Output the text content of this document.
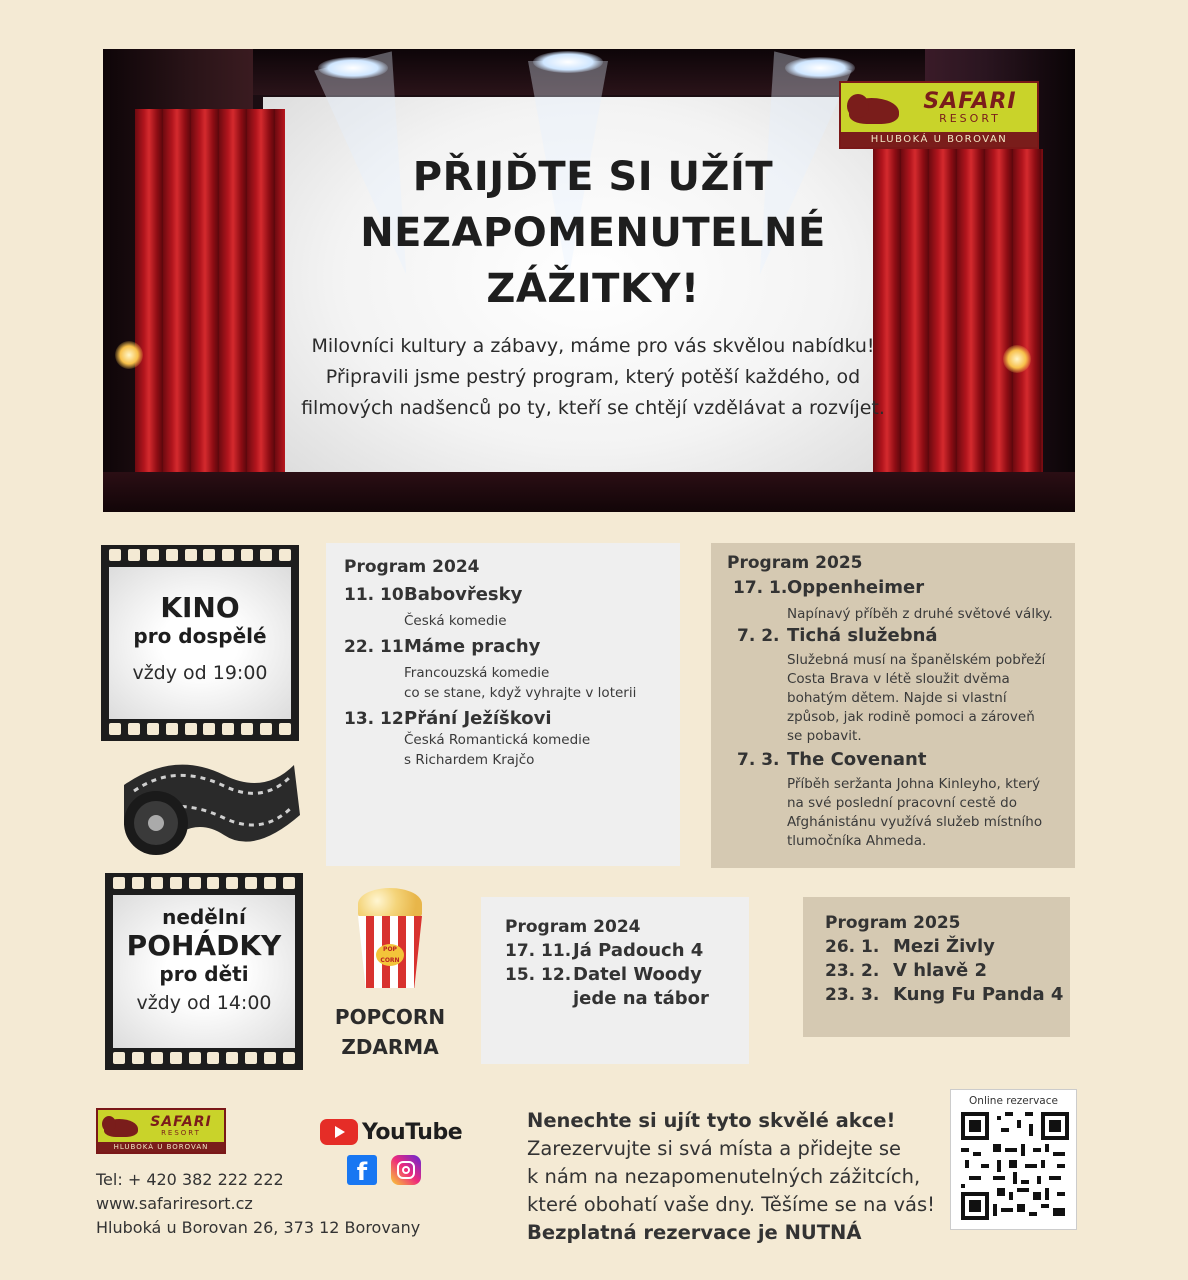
PŘIJĎTE SI UŽÍT
NEZAPOMENUTELNÉ
ZÁŽITKY!
Milovníci kultury a zábavy, máme pro vás skvělou nabídku! Připravili jsme pestrý program, který potěší každého, od filmových nadšenců po ty, kteří se chtějí vzdělávat a rozvíjet.
SAFARI
RESORT
HLUBOKÁ U BOROVAN
KINO
pro dospělé
vždy od 19:00
Program 2024
11. 10.
Babovřesky
Česká komedie
22. 11.
Máme prachy
Francouzská komedie
co se stane, když vyhrajte v loterii
13. 12.
Přání Ježíškovi
Česká Romantická komedie
s Richardem Krajčo
Program 2025
17. 1. Oppenheimer
Napínavý příběh z druhé světové války.
7. 2. Tichá služebná
Služebná musí na španělském pobřeží
Costa Brava v létě sloužit dvěma
bohatým dětem. Najde si vlastní
způsob, jak rodině pomoci a zároveň
se pobavit.
7. 3. The Covenant
Příběh seržanta Johna Kinleyho, který
na své poslední pracovní cestě do
Afghánistánu využívá služeb místního
tlumočníka Ahmeda.
nedělní
POHÁDKY
pro děti
vždy od 14:00
POP CORN
POPCORN
ZDARMA
Program 2024
17. 11. Já Padouch 4
15. 12. Datel Woody
jede na tábor
Program 2025
26. 1. Mezi Živly
23. 2. V hlavě 2
23. 3. Kung Fu Panda 4
SAFARI
RESORT
HLUBOKÁ U BOROVAN
Tel: + 420 382 222 222
www.safariresort.cz
Hluboká u Borovan 26, 373 12 Borovany
YouTube
f
Nenechte si ujít tyto skvělé akce!
Zarezervujte si svá místa a přidejte se
k nám na nezapomenutelných zážitcích,
které obohatí vaše dny. Těšíme se na vás!
Bezplatná rezervace je NUTNÁ
Online rezervace
